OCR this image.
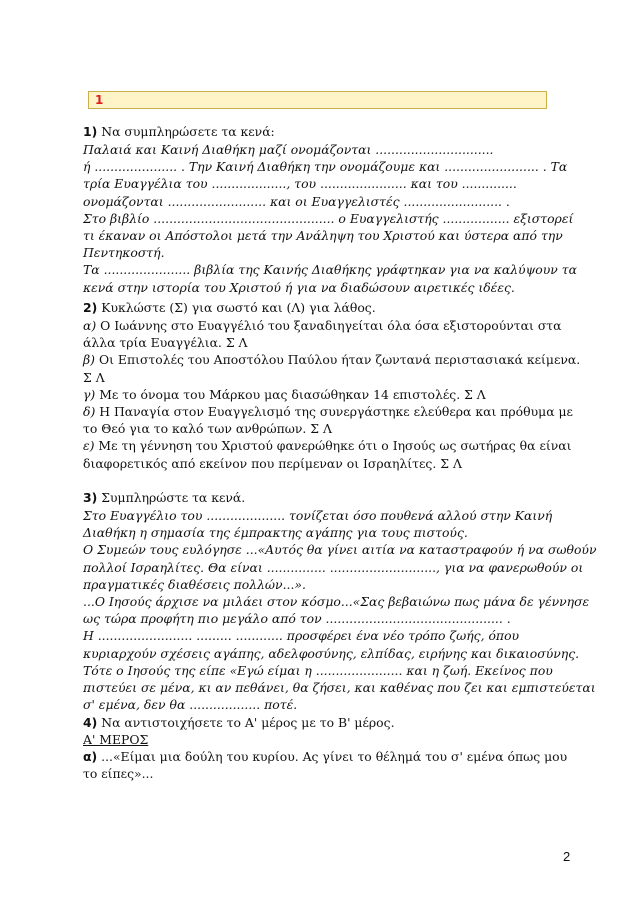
1
1) Να συμπληρώσετε τα κενά:
Παλαιά και Καινή Διαθήκη μαζί ονομάζονται ..............................
ή ..................... . Την Καινή Διαθήκη την ονομάζουμε και ........................ . Τα
τρία Ευαγγέλια του ..................., του ...................... και του ..............
ονομάζονται ......................... και οι Ευαγγελιστές ......................... .
Στο βιβλίο .............................................. ο Ευαγγελιστής ................. εξιστορεί
τι έκαναν οι Απόστολοι μετά την Ανάληψη του Χριστού και ύστερα από την
Πεντηκοστή.
Τα ...................... βιβλία της Καινής Διαθήκης γράφτηκαν για να καλύψουν τα
κενά στην ιστορία του Χριστού ή για να διαδώσουν αιρετικές ιδέες.
2) Κυκλώστε (Σ) για σωστό και (Λ) για λάθος.
α) Ο Ιωάννης στο Ευαγγέλιό του ξαναδιηγείται όλα όσα εξιστορούνται στα
άλλα τρία Ευαγγέλια. Σ Λ
β) Οι Επιστολές του Αποστόλου Παύλου ήταν ζωντανά περιστασιακά κείμενα.
Σ Λ
γ) Με το όνομα του Μάρκου μας διασώθηκαν 14 επιστολές. Σ Λ
δ) Η Παναγία στον Ευαγγελισμό της συνεργάστηκε ελεύθερα και πρόθυμα με
το Θεό για το καλό των ανθρώπων. Σ Λ
ε) Με τη γέννηση του Χριστού φανερώθηκε ότι ο Ιησούς ως σωτήρας θα είναι
διαφορετικός από εκείνον που περίμεναν οι Ισραηλίτες. Σ Λ
3) Συμπληρώστε τα κενά.
Στο Ευαγγέλιο του .................... τονίζεται όσο πουθενά αλλού στην Καινή
Διαθήκη η σημασία της έμπρακτης αγάπης για τους πιστούς.
Ο Συμεών τους ευλόγησε ...«Αυτός θα γίνει αιτία να καταστραφούν ή να σωθούν
πολλοί Ισραηλίτες. Θα είναι ............... ..........................., για να φανερωθούν οι
πραγματικές διαθέσεις πολλών...».
...Ο Ιησούς άρχισε να μιλάει στον κόσμο...«Σας βεβαιώνω πως μάνα δε γέννησε
ως τώρα προφήτη πιο μεγάλο από τον ............................................. .
Η ........................ ......... ............ προσφέρει ένα νέο τρόπο ζωής, όπου
κυριαρχούν σχέσεις αγάπης, αδελφοσύνης, ελπίδας, ειρήνης και δικαιοσύνης.
Τότε ο Ιησούς της είπε «Εγώ είμαι η ...................... και η ζωή. Εκείνος που
πιστεύει σε μένα, κι αν πεθάνει, θα ζήσει, και καθένας που ζει και εμπιστεύεται
σ' εμένα, δεν θα .................. ποτέ.
4) Να αντιστοιχήσετε το Α' μέρος με το Β' μέρος.
Α' ΜΕΡΟΣ
α) ...«Είμαι μια δούλη του κυρίου. Ας γίνει το θέλημά του σ' εμένα όπως μου
το είπες»...
2
